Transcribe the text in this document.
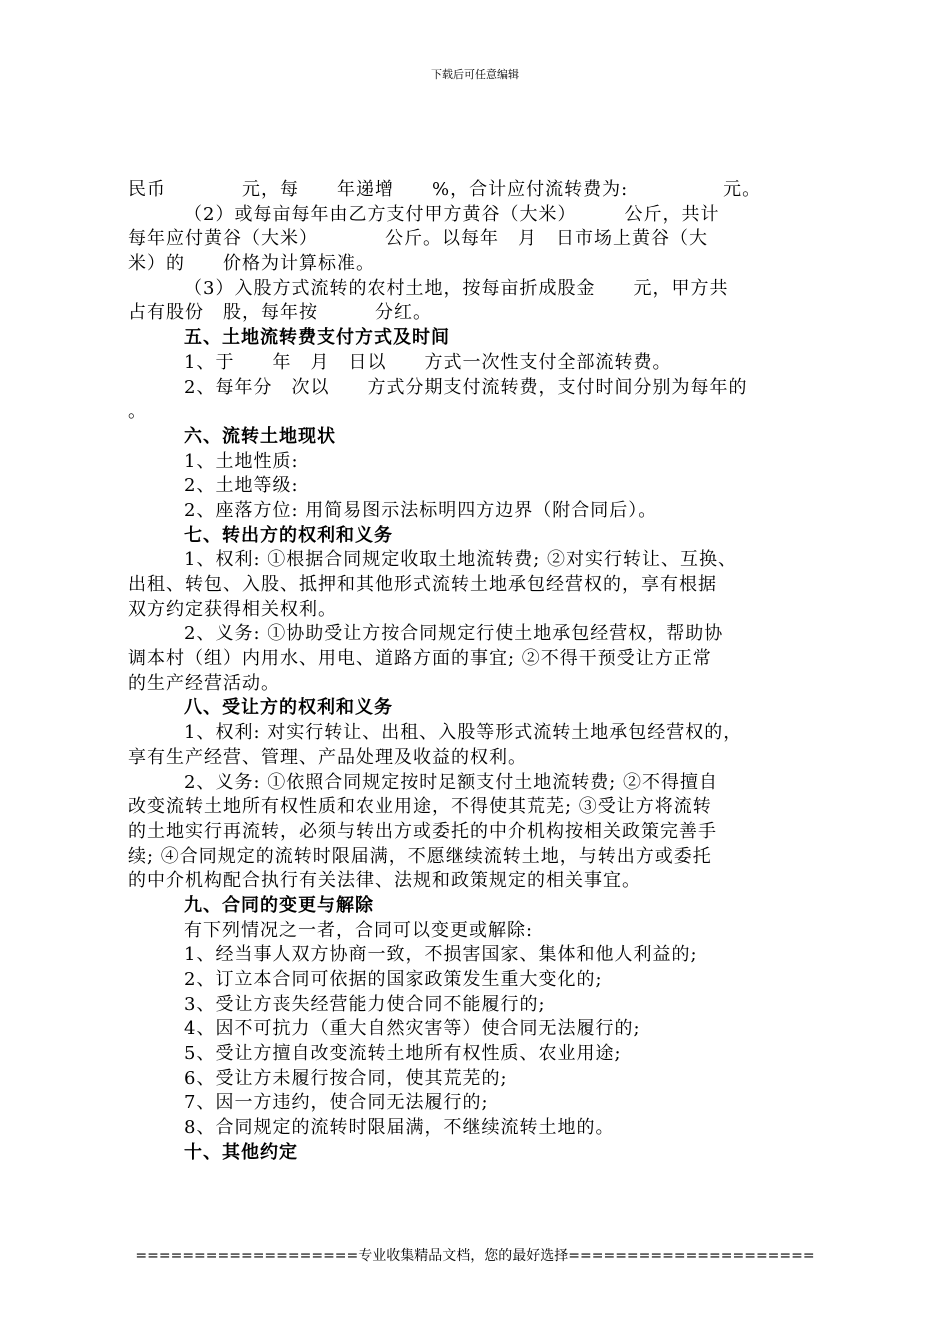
下载后可任意编辑
民币　　　　元，每　　年递增　　%，合计应付流转费为:　　　　　元。
（2）或每亩每年由乙方支付甲方黄谷（大米）　　　公斤，共计
每年应付黄谷（大米）　　　　公斤。以每年　月　日市场上黄谷（大
米）的　　价格为计算标准。
（3）入股方式流转的农村土地，按每亩折成股金　　元，甲方共
占有股份　股，每年按　　　分红。
五、土地流转费支付方式及时间
1、于　　年　月　日以　　方式一次性支付全部流转费。
2、每年分　次以　　方式分期支付流转费，支付时间分别为每年的
。
六、流转土地现状
1、土地性质:
2、土地等级:
2、座落方位: 用简易图示法标明四方边界（附合同后）。
七、转出方的权利和义务
1、权利: ①根据合同规定收取土地流转费; ②对实行转让、互换、
出租、转包、入股、抵押和其他形式流转土地承包经营权的，享有根据
双方约定获得相关权利。
2、义务: ①协助受让方按合同规定行使土地承包经营权，帮助协
调本村（组）内用水、用电、道路方面的事宜; ②不得干预受让方正常
的生产经营活动。
八、受让方的权利和义务
1、权利: 对实行转让、出租、入股等形式流转土地承包经营权的，
享有生产经营、管理、产品处理及收益的权利。
2、义务: ①依照合同规定按时足额支付土地流转费; ②不得擅自
改变流转土地所有权性质和农业用途，不得使其荒芜; ③受让方将流转
的土地实行再流转，必须与转出方或委托的中介机构按相关政策完善手
续; ④合同规定的流转时限届满，不愿继续流转土地，与转出方或委托
的中介机构配合执行有关法律、法规和政策规定的相关事宜。
九、合同的变更与解除
有下列情况之一者，合同可以变更或解除:
1、经当事人双方协商一致，不损害国家、集体和他人利益的;
2、订立本合同可依据的国家政策发生重大变化的;
3、受让方丧失经营能力使合同不能履行的;
4、因不可抗力（重大自然灾害等）使合同无法履行的;
5、受让方擅自改变流转土地所有权性质、农业用途;
6、受让方未履行按合同，使其荒芜的;
7、因一方违约，使合同无法履行的;
8、合同规定的流转时限届满，不继续流转土地的。
十、其他约定
===================专业收集精品文档，您的最好选择=====================
